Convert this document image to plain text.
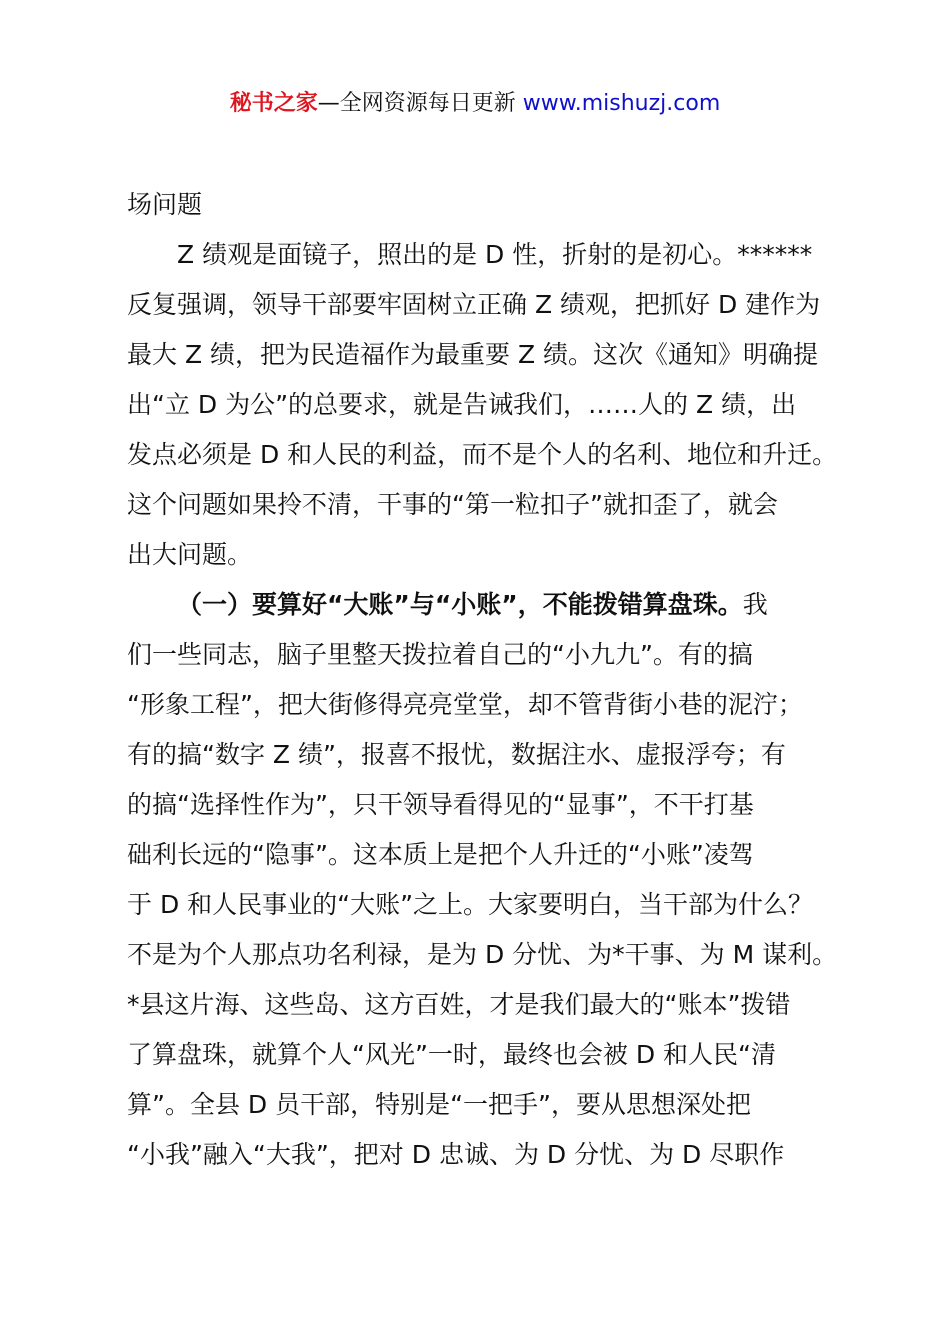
秘书之家—全网资源每日更新 www.mishuzj.com
场问题
Z 绩观是面镜子，照出的是 D 性，折射的是初心。******
反复强调，领导干部要牢固树立正确 Z 绩观，把抓好 D 建作为
最大 Z 绩，把为民造福作为最重要 Z 绩。这次《通知》明确提
出“立 D 为公”的总要求，就是告诫我们，……人的 Z 绩，出
发点必须是 D 和人民的利益，而不是个人的名利、地位和升迁。
这个问题如果拎不清，干事的“第一粒扣子”就扣歪了，就会
出大问题。
（一）要算好“大账”与“小账”，不能拨错算盘珠。我
们一些同志，脑子里整天拨拉着自己的“小九九”。有的搞
“形象工程”，把大街修得亮亮堂堂，却不管背街小巷的泥泞；
有的搞“数字 Z 绩”，报喜不报忧，数据注水、虚报浮夸；有
的搞“选择性作为”，只干领导看得见的“显事”，不干打基
础利长远的“隐事”。这本质上是把个人升迁的“小账”凌驾
于 D 和人民事业的“大账”之上。大家要明白，当干部为什么？
不是为个人那点功名利禄，是为 D 分忧、为*干事、为 M 谋利。
*县这片海、这些岛、这方百姓，才是我们最大的“账本”拨错
了算盘珠，就算个人“风光”一时，最终也会被 D 和人民“清
算”。全县 D 员干部，特别是“一把手”，要从思想深处把
“小我”融入“大我”，把对 D 忠诚、为 D 分忧、为 D 尽职作
